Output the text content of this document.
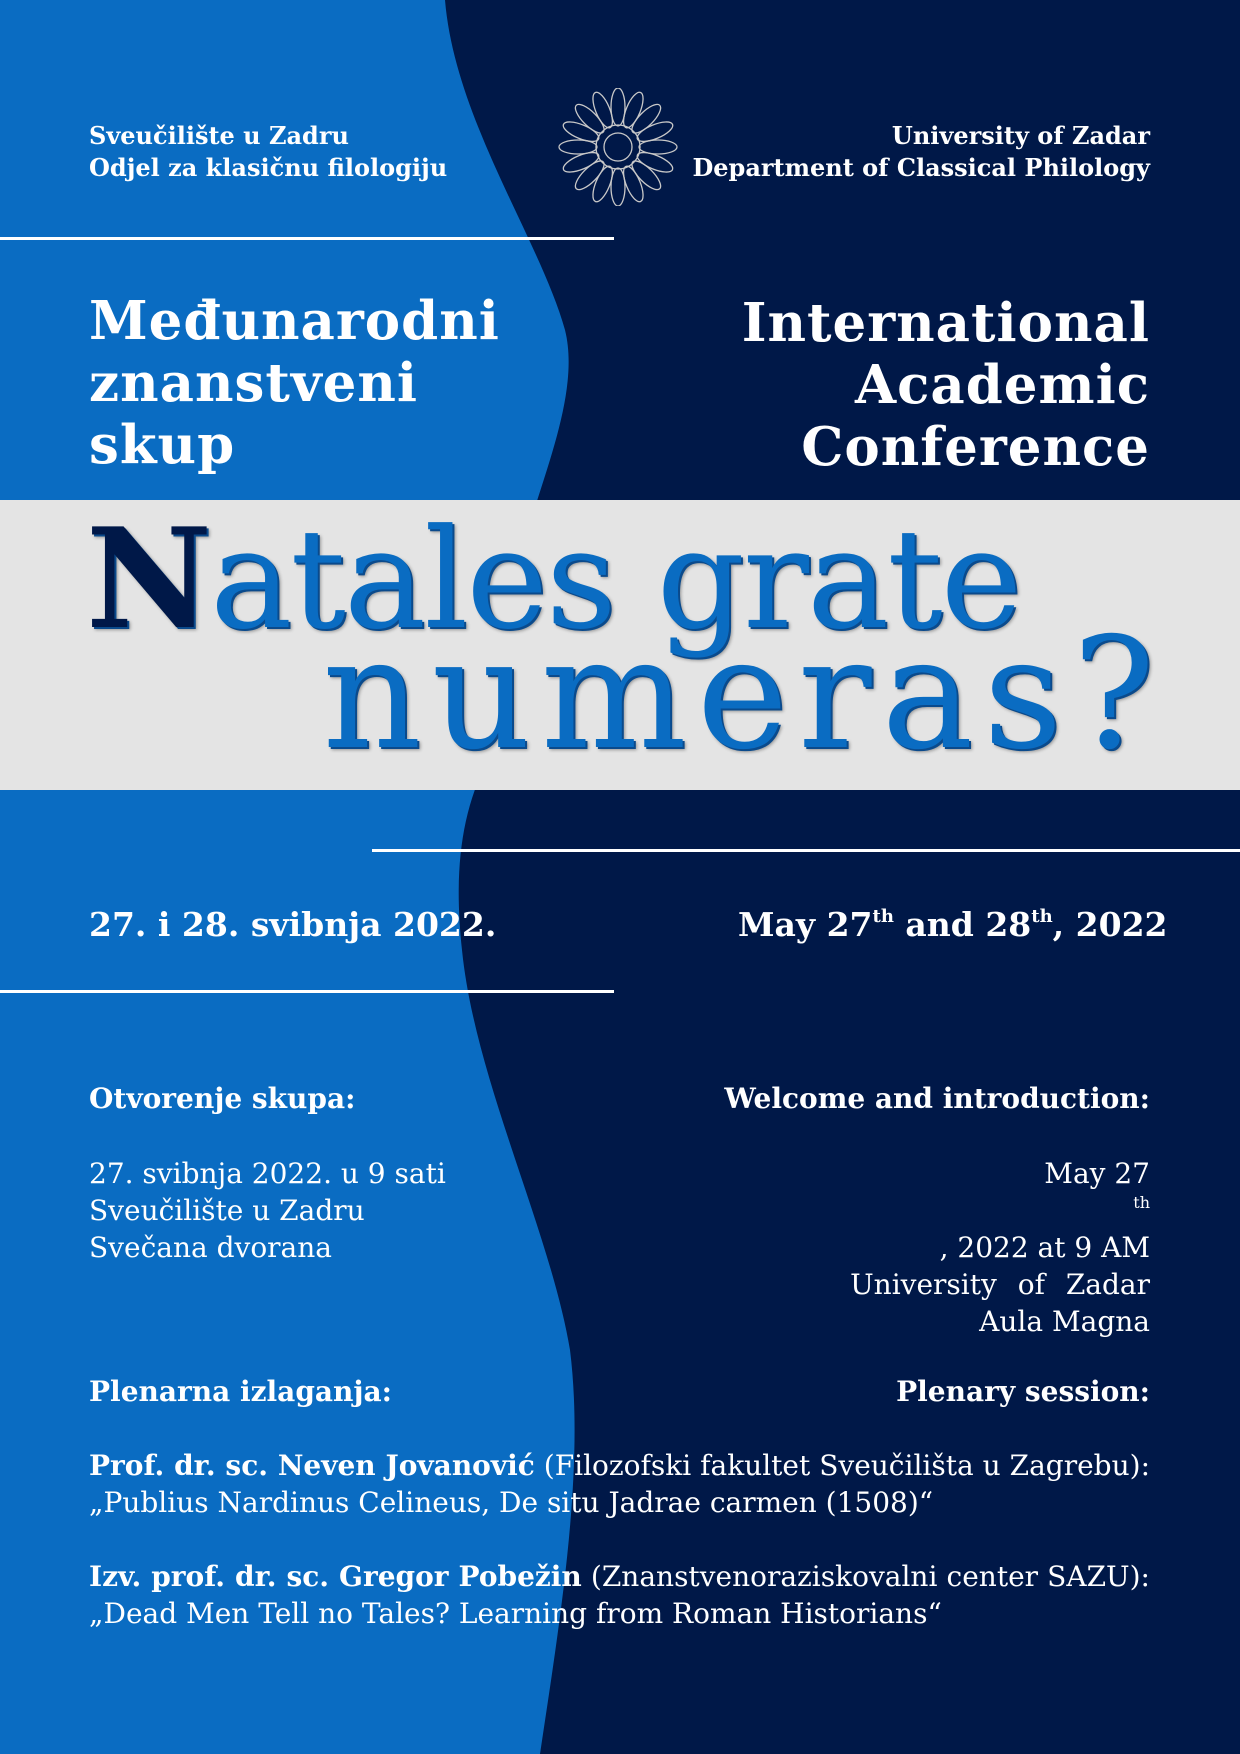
Sveučilište u Zadru
Odjel za klasičnu filologiju
University of Zadar
Department of Classical Philology
Međunarodni
znanstveni
skup
International
Academic
Conference
Natales grate
numeras?
27. i 28. svibnja 2022.	May 27th and 28th, 2022
Otvorenje skupa:	Welcome and introduction:
27. svibnja 2022. u 9 sati
Sveučilište u Zadru
Svečana dvorana
May 27
$^{th}$
, 2022 at 9 AM
University of Zadar
Aula Magna
Plenarna izlaganja:	Plenary session:
Prof. dr. sc. Neven Jovanović (Filozofski fakultet Sveučilišta u Zagrebu):
„Publius Nardinus Celineus, De situ Jadrae carmen (1508)“
Izv. prof. dr. sc. Gregor Pobežin (Znanstvenoraziskovalni center SAZU):
„Dead Men Tell no Tales? Learning from Roman Historians“
